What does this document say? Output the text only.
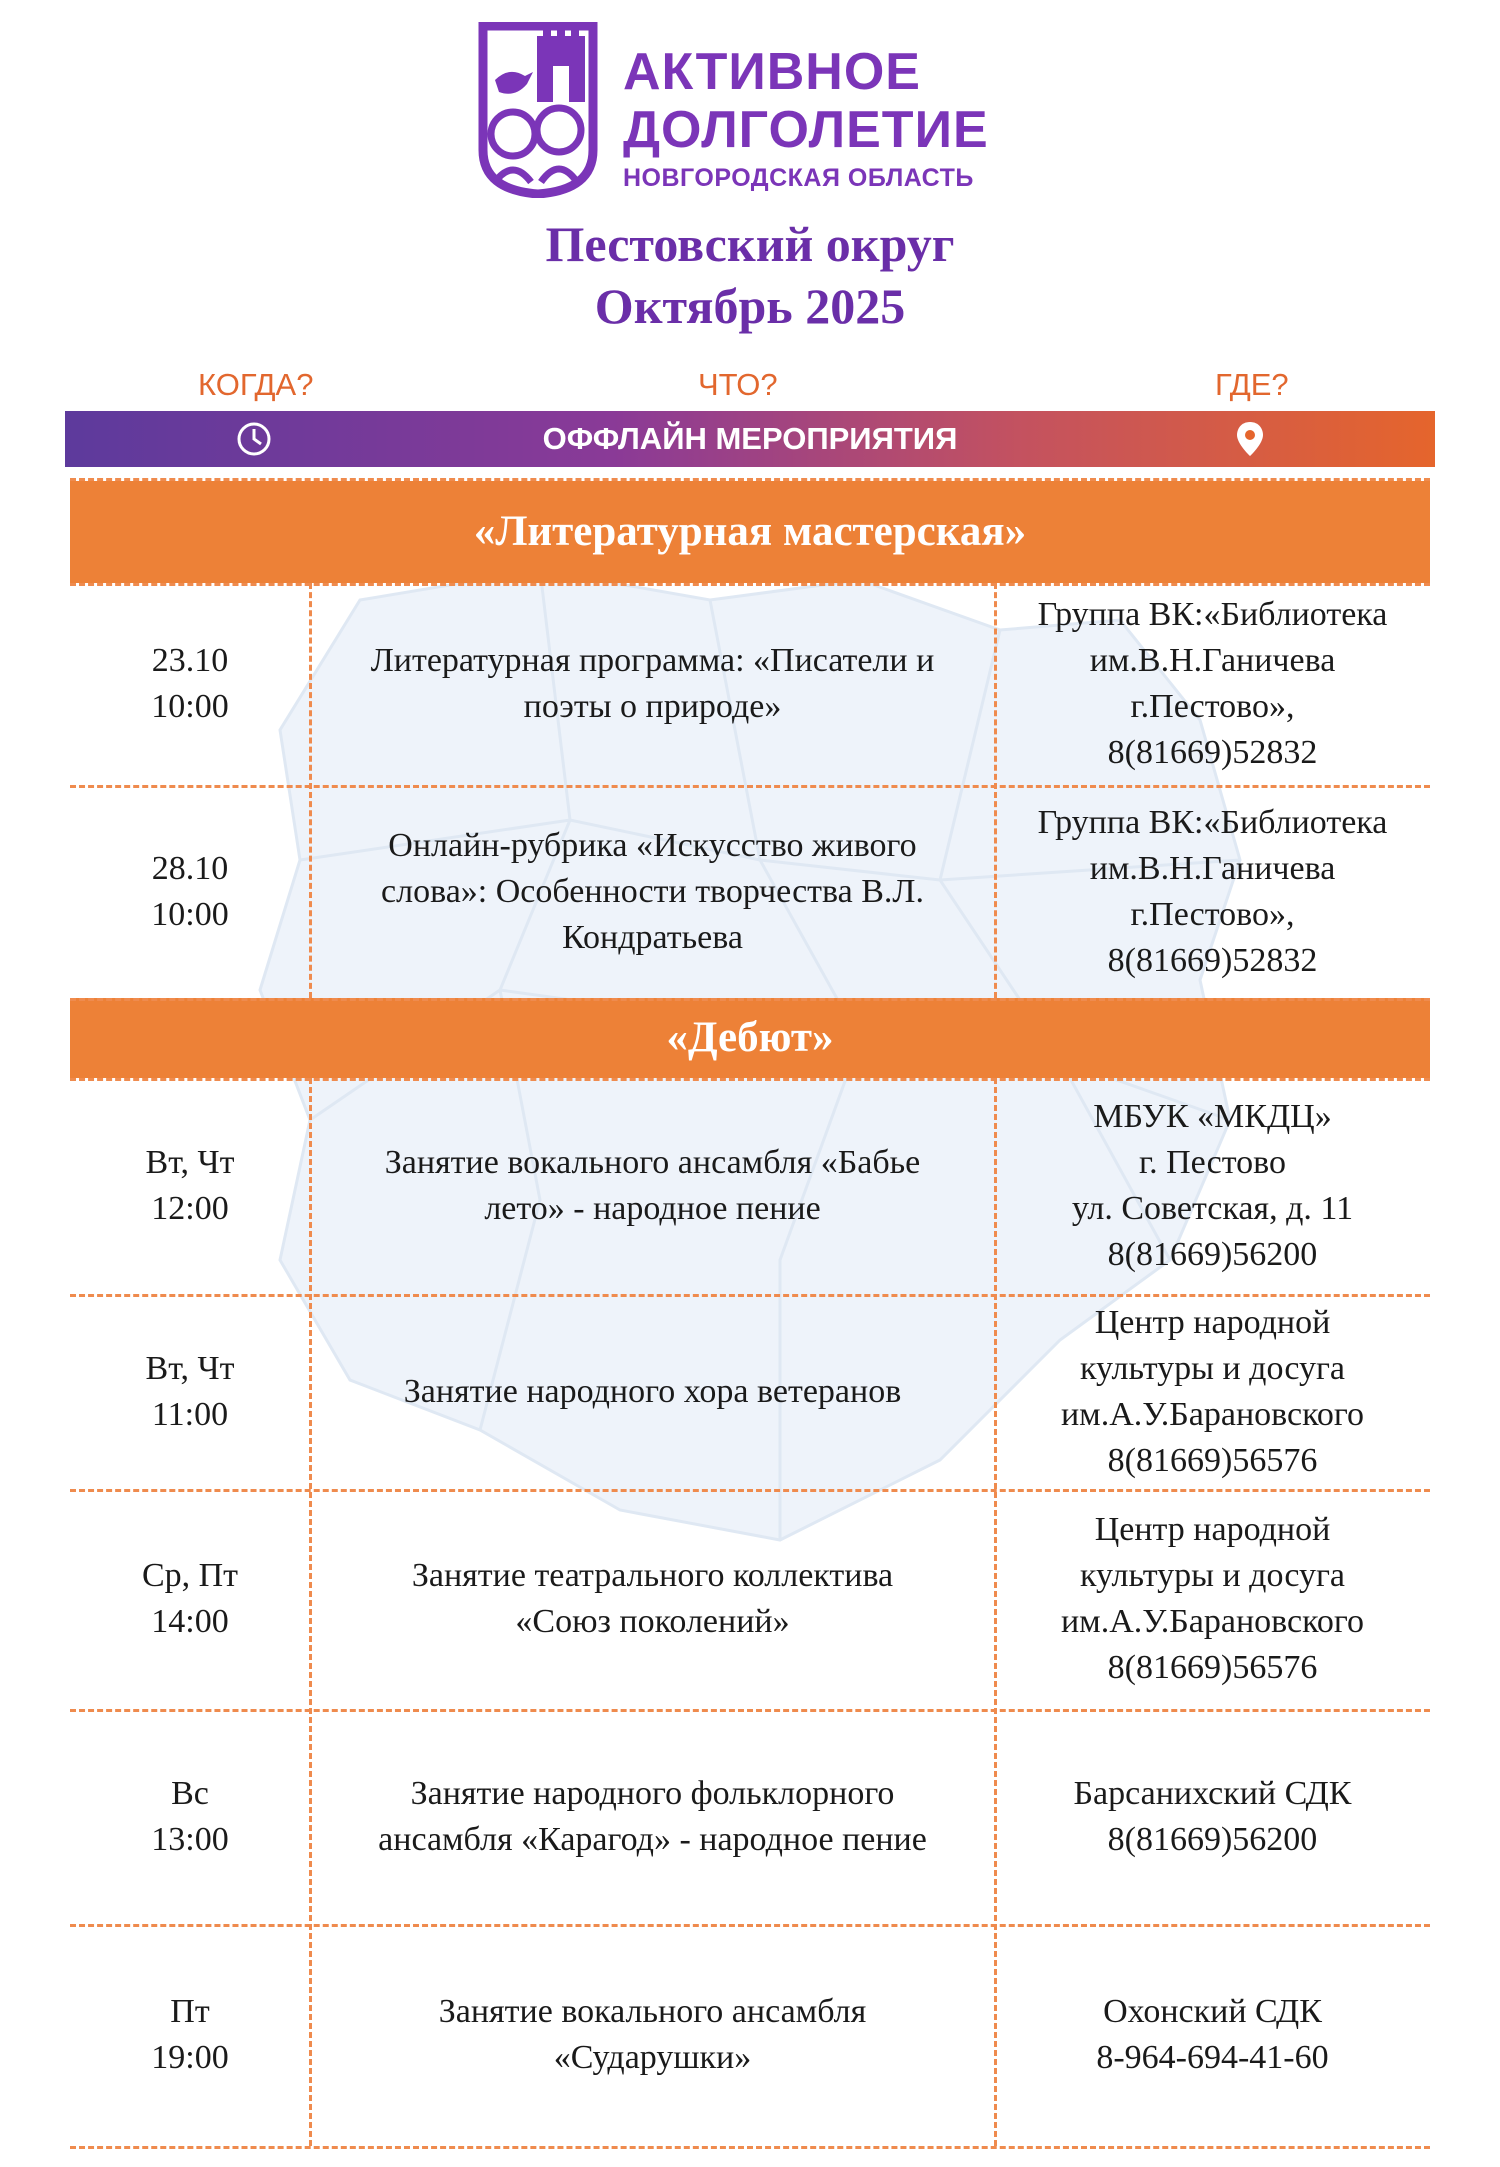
АКТИВНОЕ
ДОЛГОЛЕТИЕ
НОВГОРОДСКАЯ ОБЛАСТЬ
Пестовский округ
Октябрь 2025
КОГДА?	ЧТО?	ГДЕ?
ОФФЛАЙН МЕРОПРИЯТИЯ
«Литературная мастерская»
«Дебют»
23.10
10:00
Литературная программа: «Писатели и
поэты о природе»
Группа ВК:«Библиотека
им.В.Н.Ганичева
г.Пестово»,
8(81669)52832
28.10
10:00
Онлайн-рубрика «Искусство живого
слова»: Особенности творчества В.Л.
Кондратьева
Группа ВК:«Библиотека
им.В.Н.Ганичева
г.Пестово»,
8(81669)52832
Вт, Чт
12:00
Занятие вокального ансамбля «Бабье
лето» - народное пение
МБУК «МКДЦ»
г. Пестово
ул. Советская, д. 11
8(81669)56200
Вт, Чт
11:00
Занятие народного хора ветеранов
Центр народной
культуры и досуга
им.А.У.Барановского
8(81669)56576
Ср, Пт
14:00
Занятие театрального коллектива
«Союз поколений»
Центр народной
культуры и досуга
им.А.У.Барановского
8(81669)56576
Вс
13:00
Занятие народного фольклорного
ансамбля «Карагод» - народное пение
Барсанихский СДК
8(81669)56200
Пт
19:00
Занятие вокального ансамбля
«Сударушки»
Охонский СДК
8-964-694-41-60
